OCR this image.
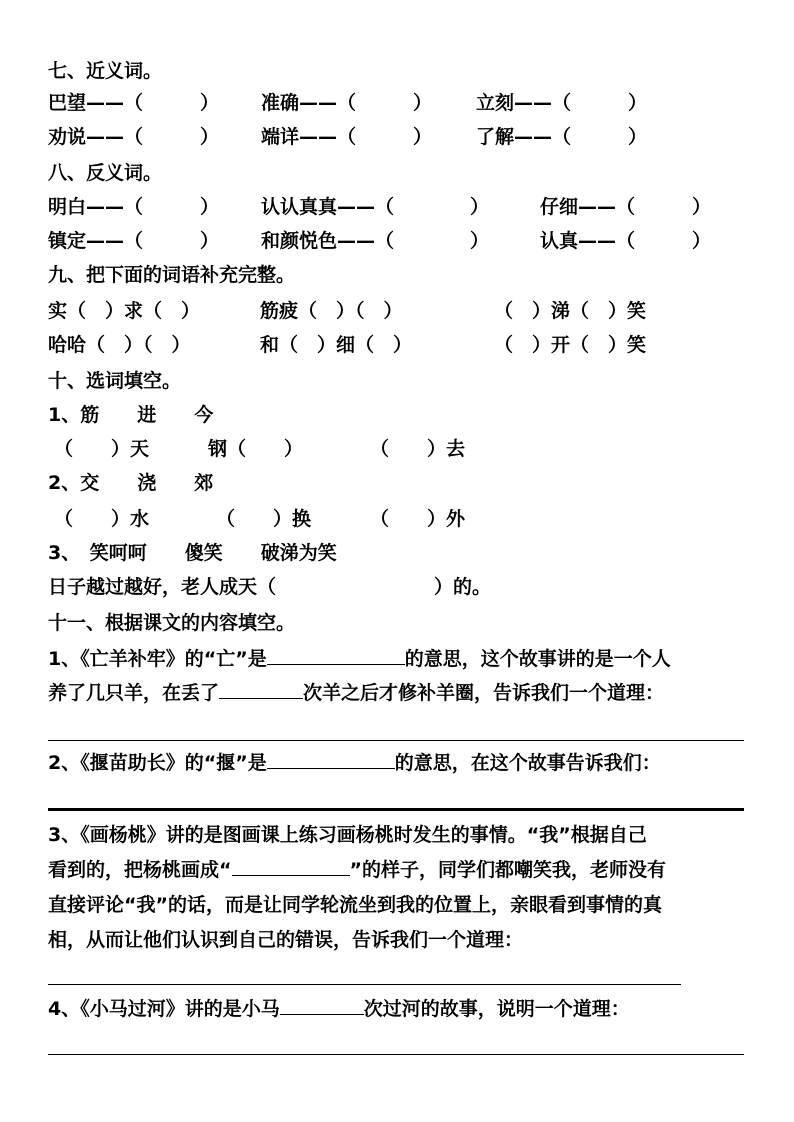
七、近义词。
巴望——（　　　） 准确——（　　　） 立刻——（　　　）
劝说——（　　　） 端详——（　　　） 了解——（　　　）
八、反义词。
明白——（　　　） 认认真真——（　　　　）	仔细——（　　　）
镇定——（　　　） 和颜悦色——（　　　　）	认真——（　　　）
九、把下面的词语补充完整。
实（　）求（　）	筋疲（　）（　）	（　）涕（　）笑
哈哈（　）（　）	和（　）细（　）	（　）开（　）笑
十、选词填空。
1、筋　　进　　今
（　　）天	钢（　　）	（　　）去
2、交　　浇　　郊
（　　）水	（　　）换	（　　）外
3、　笑呵呵　　傻笑　　破涕为笑
日子越过越好，老人成天（	）的。
十一、根据课文的内容填空。
1、《亡羊补牢》的“亡”是	的意思，这个故事讲的是一个人
养了几只羊，在丢了	次羊之后才修补羊圈，告诉我们一个道理：
2、《揠苗助长》的“揠”是	的意思，在这个故事告诉我们：
3、《画杨桃》讲的是图画课上练习画杨桃时发生的事情。“我”根据自己
看到的，把杨桃画成“	”的样子，同学们都嘲笑我，老师没有
直接评论“我”的话，而是让同学轮流坐到我的位置上，亲眼看到事情的真
相，从而让他们认识到自己的错误，告诉我们一个道理：
4、《小马过河》讲的是小马	次过河的故事，说明一个道理：
